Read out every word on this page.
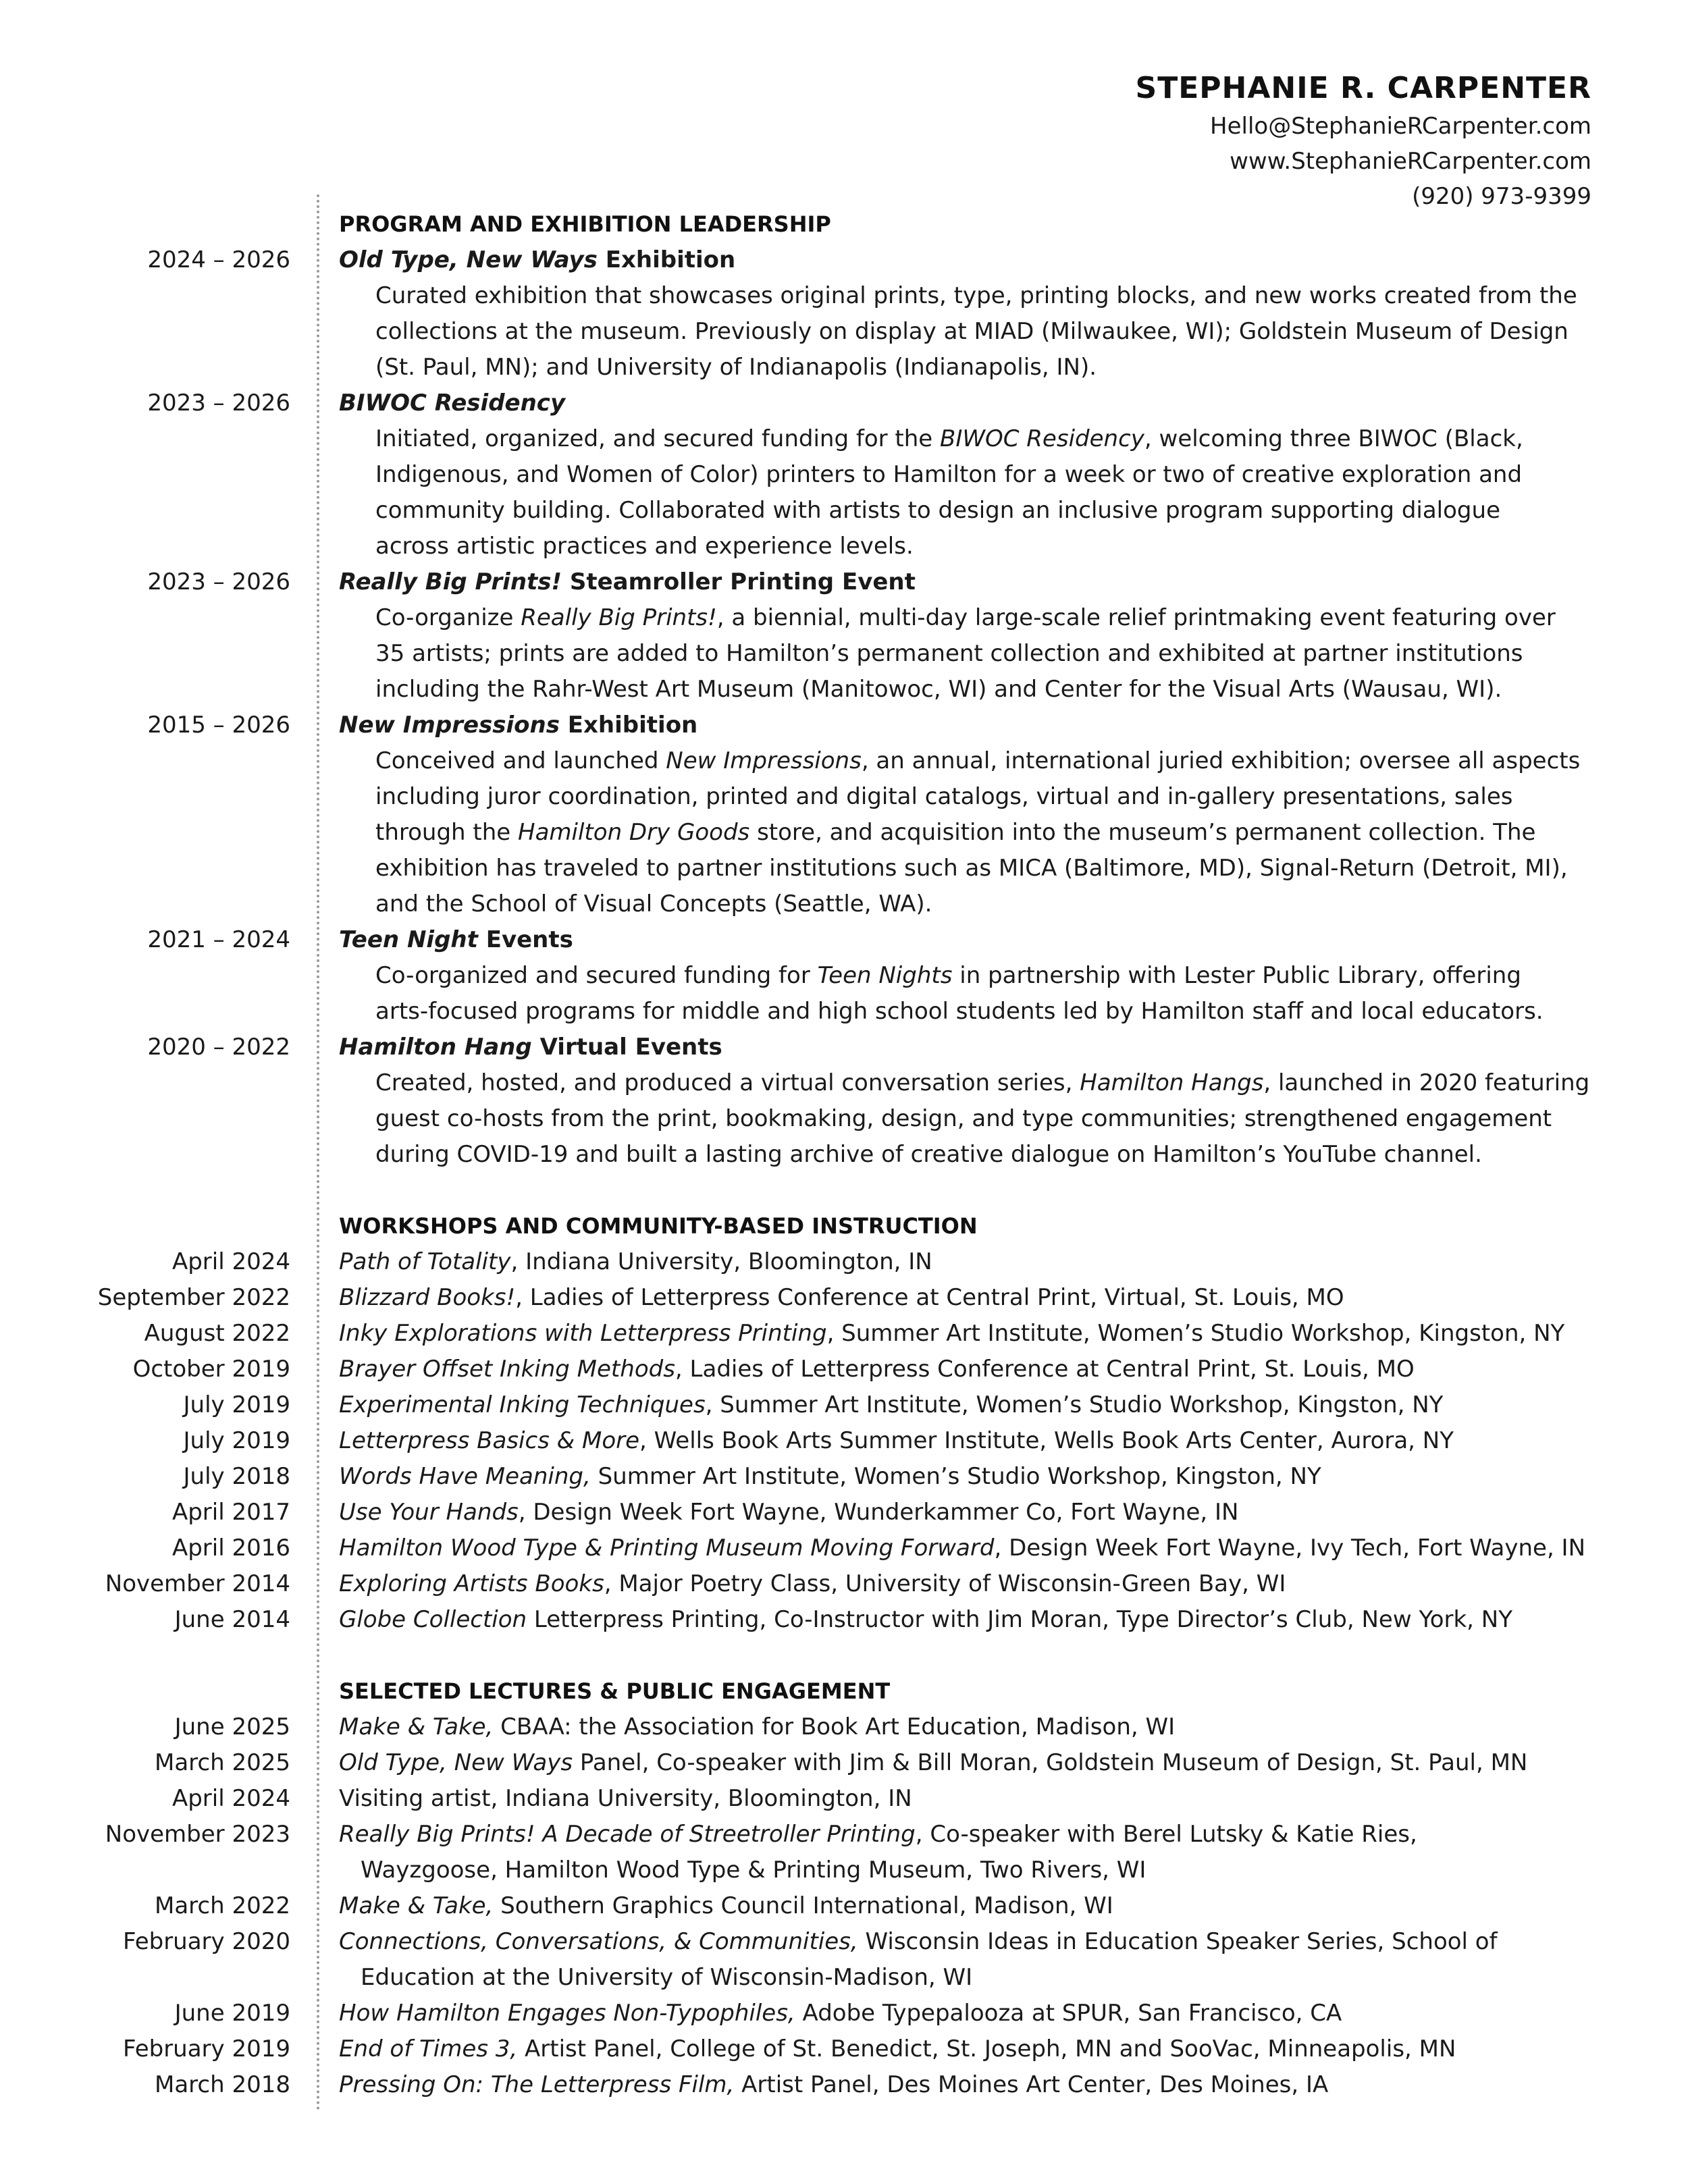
STEPHANIE R. CARPENTER
Hello@StephanieRCarpenter.com
www.StephanieRCarpenter.com
(920) 973-9399
PROGRAM AND EXHIBITION LEADERSHIP
2024 – 2026 Old Type, New Ways Exhibition
Curated exhibition that showcases original prints, type, printing blocks, and new works created from the
collections at the museum. Previously on display at MIAD (Milwaukee, WI); Goldstein Museum of Design
(St. Paul, MN); and University of Indianapolis (Indianapolis, IN).
2023 – 2026 BIWOC Residency
Initiated, organized, and secured funding for the BIWOC Residency, welcoming three BIWOC (Black,
Indigenous, and Women of Color) printers to Hamilton for a week or two of creative exploration and
community building. Collaborated with artists to design an inclusive program supporting dialogue
across artistic practices and experience levels.
2023 – 2026 Really Big Prints! Steamroller Printing Event
Co-organize Really Big Prints!, a biennial, multi-day large-scale relief printmaking event featuring over
35 artists; prints are added to Hamilton’s permanent collection and exhibited at partner institutions
including the Rahr-West Art Museum (Manitowoc, WI) and Center for the Visual Arts (Wausau, WI).
2015 – 2026 New Impressions Exhibition
Conceived and launched New Impressions, an annual, international juried exhibition; oversee all aspects
including juror coordination, printed and digital catalogs, virtual and in-gallery presentations, sales
through the Hamilton Dry Goods store, and acquisition into the museum’s permanent collection. The
exhibition has traveled to partner institutions such as MICA (Baltimore, MD), Signal-Return (Detroit, MI),
and the School of Visual Concepts (Seattle, WA).
2021 – 2024 Teen Night Events
Co-organized and secured funding for Teen Nights in partnership with Lester Public Library, offering
arts-focused programs for middle and high school students led by Hamilton staff and local educators.
2020 – 2022 Hamilton Hang Virtual Events
Created, hosted, and produced a virtual conversation series, Hamilton Hangs, launched in 2020 featuring
guest co-hosts from the print, bookmaking, design, and type communities; strengthened engagement
during COVID-19 and built a lasting archive of creative dialogue on Hamilton’s YouTube channel.
WORKSHOPS AND COMMUNITY-BASED INSTRUCTION
April 2024 Path of Totality, Indiana University, Bloomington, IN
September 2022 Blizzard Books!, Ladies of Letterpress Conference at Central Print, Virtual, St. Louis, MO
August 2022 Inky Explorations with Letterpress Printing, Summer Art Institute, Women’s Studio Workshop, Kingston, NY
October 2019 Brayer Offset Inking Methods, Ladies of Letterpress Conference at Central Print, St. Louis, MO
July 2019 Experimental Inking Techniques, Summer Art Institute, Women’s Studio Workshop, Kingston, NY
July 2019 Letterpress Basics & More, Wells Book Arts Summer Institute, Wells Book Arts Center, Aurora, NY
July 2018 Words Have Meaning, Summer Art Institute, Women’s Studio Workshop, Kingston, NY
April 2017 Use Your Hands, Design Week Fort Wayne, Wunderkammer Co, Fort Wayne, IN
April 2016 Hamilton Wood Type & Printing Museum Moving Forward, Design Week Fort Wayne, Ivy Tech, Fort Wayne, IN
November 2014 Exploring Artists Books, Major Poetry Class, University of Wisconsin-Green Bay, WI
June 2014 Globe Collection Letterpress Printing, Co-Instructor with Jim Moran, Type Director’s Club, New York, NY
SELECTED LECTURES & PUBLIC ENGAGEMENT
June 2025 Make & Take, CBAA: the Association for Book Art Education, Madison, WI
March 2025 Old Type, New Ways Panel, Co-speaker with Jim & Bill Moran, Goldstein Museum of Design, St. Paul, MN
April 2024 Visiting artist, Indiana University, Bloomington, IN
November 2023 Really Big Prints! A Decade of Streetroller Printing, Co-speaker with Berel Lutsky & Katie Ries,
Wayzgoose, Hamilton Wood Type & Printing Museum, Two Rivers, WI
March 2022 Make & Take, Southern Graphics Council International, Madison, WI
February 2020 Connections, Conversations, & Communities, Wisconsin Ideas in Education Speaker Series, School of
Education at the University of Wisconsin-Madison, WI
June 2019 How Hamilton Engages Non-Typophiles, Adobe Typepalooza at SPUR, San Francisco, CA
February 2019 End of Times 3, Artist Panel, College of St. Benedict, St. Joseph, MN and SooVac, Minneapolis, MN
March 2018 Pressing On: The Letterpress Film, Artist Panel, Des Moines Art Center, Des Moines, IA
